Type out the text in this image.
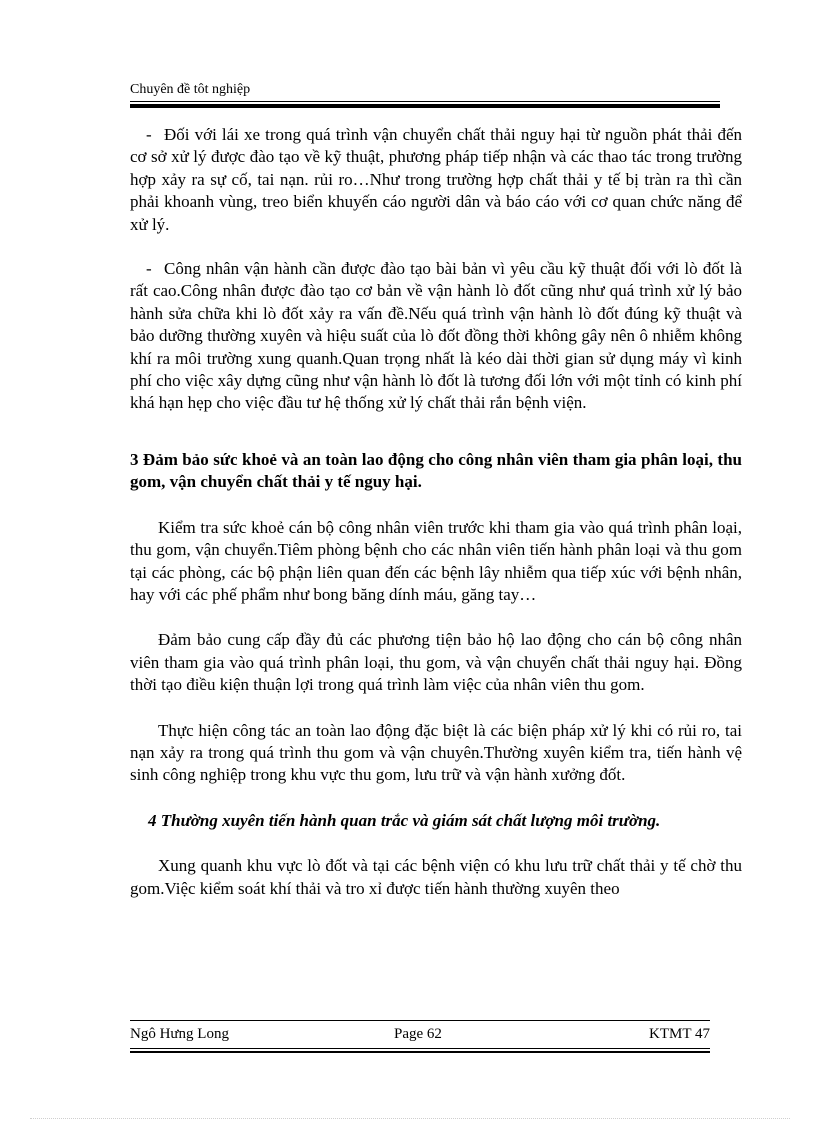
Chuyên đề tôt nghiệp

- Đối với lái xe trong quá trình vận chuyển chất thải nguy hại từ nguồn phát thải đến cơ sở xử lý được đào tạo về kỹ thuật, phương pháp tiếp nhận và các thao tác trong trường hợp xảy ra sự cố, tai nạn. rủi ro…Như trong trường hợp chất thải y tế bị tràn ra thì cần phải khoanh vùng, treo biển khuyến cáo người dân và báo cáo với cơ quan chức năng để xử lý.

- Công nhân vận hành cần được đào tạo bài bản vì yêu cầu kỹ thuật đối với lò đốt là rất cao.Công nhân được đào tạo cơ bản về vận hành lò đốt cũng như quá trình xử lý bảo hành sửa chữa khi lò đốt xảy ra vấn đề.Nếu quá trình vận hành lò đốt đúng kỹ thuật và bảo dưỡng thường xuyên và hiệu suất của lò đốt đồng thời không gây nên ô nhiễm không khí ra môi trường xung quanh.Quan trọng nhất là kéo dài thời gian sử dụng máy vì kinh phí cho việc xây dựng cũng như vận hành lò đốt là tương đối lớn với một tỉnh có kinh phí khá hạn hẹp cho việc đầu tư hệ thống xử lý chất thải rắn bệnh viện.

3 Đảm bảo sức khoẻ và an toàn lao động cho công nhân viên tham gia phân loại, thu gom, vận chuyển chất thải y tế nguy hại.

Kiểm tra sức khoẻ cán bộ công nhân viên trước khi tham gia vào quá trình phân loại, thu gom, vận chuyển.Tiêm phòng bệnh cho các nhân viên tiến hành phân loại và thu gom tại các phòng, các bộ phận liên quan đến các bệnh lây nhiễm qua tiếp xúc với bệnh nhân, hay với các phế phẩm như bong băng dính máu, găng tay…

Đảm bảo cung cấp đầy đủ các phương tiện bảo hộ lao động cho cán bộ công nhân viên tham gia vào quá trình phân loại, thu gom, và vận chuyển chất thải nguy hại. Đồng thời tạo điều kiện thuận lợi trong quá trình làm việc của nhân viên thu gom.

Thực hiện công tác an toàn lao động đặc biệt là các biện pháp xử lý khi có rủi ro, tai nạn xảy ra trong quá trình thu gom và vận chuyên.Thường xuyên kiểm tra, tiến hành vệ sinh công nghiệp trong khu vực thu gom, lưu trữ và vận hành xưởng đốt.

4 Thường xuyên tiến hành quan trắc và giám sát chất lượng môi trường.

Xung quanh khu vực lò đốt và tại các bệnh viện có khu lưu trữ chất thải y tế chờ thu gom.Việc kiểm soát khí thải và tro xỉ được tiến hành thường xuyên theo

Ngô Hưng Long	Page 62	KTMT 47
